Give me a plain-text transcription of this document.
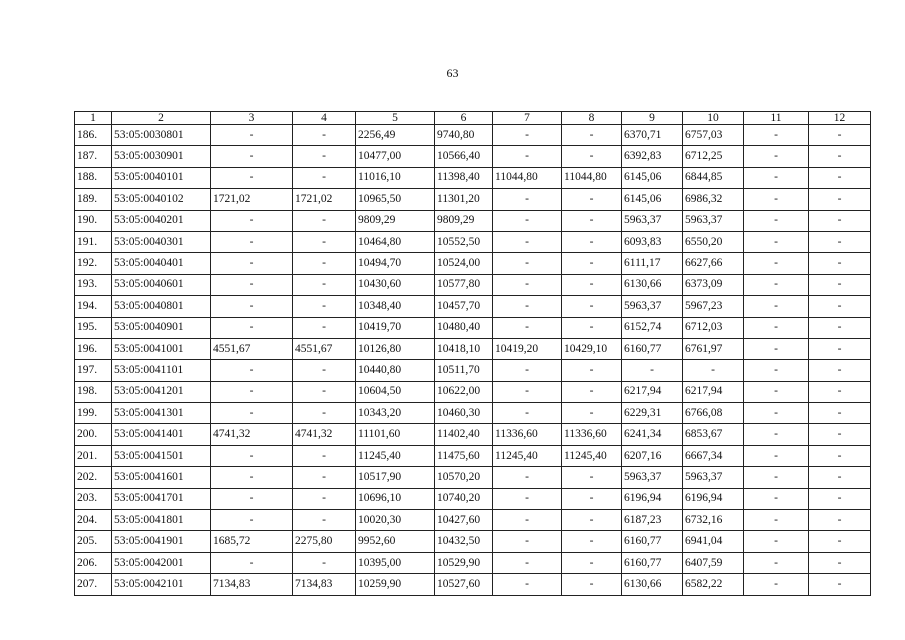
63
1	2	3	4	5	6	7	8	9	10	11	12
186.	53:05:0030801	-	-	2256,49	9740,80	-	-	6370,71	6757,03	-	-
187.	53:05:0030901	-	-	10477,00	10566,40	-	-	6392,83	6712,25	-	-
188.	53:05:0040101	-	-	11016,10	11398,40	11044,80	11044,80	6145,06	6844,85	-	-
189.	53:05:0040102	1721,02	1721,02	10965,50	11301,20	-	-	6145,06	6986,32	-	-
190.	53:05:0040201	-	-	9809,29	9809,29	-	-	5963,37	5963,37	-	-
191.	53:05:0040301	-	-	10464,80	10552,50	-	-	6093,83	6550,20	-	-
192.	53:05:0040401	-	-	10494,70	10524,00	-	-	6111,17	6627,66	-	-
193.	53:05:0040601	-	-	10430,60	10577,80	-	-	6130,66	6373,09	-	-
194.	53:05:0040801	-	-	10348,40	10457,70	-	-	5963,37	5967,23	-	-
195.	53:05:0040901	-	-	10419,70	10480,40	-	-	6152,74	6712,03	-	-
196.	53:05:0041001	4551,67	4551,67	10126,80	10418,10	10419,20	10429,10	6160,77	6761,97	-	-
197.	53:05:0041101	-	-	10440,80	10511,70	-	-	-	-	-	-
198.	53:05:0041201	-	-	10604,50	10622,00	-	-	6217,94	6217,94	-	-
199.	53:05:0041301	-	-	10343,20	10460,30	-	-	6229,31	6766,08	-	-
200.	53:05:0041401	4741,32	4741,32	11101,60	11402,40	11336,60	11336,60	6241,34	6853,67	-	-
201.	53:05:0041501	-	-	11245,40	11475,60	11245,40	11245,40	6207,16	6667,34	-	-
202.	53:05:0041601	-	-	10517,90	10570,20	-	-	5963,37	5963,37	-	-
203.	53:05:0041701	-	-	10696,10	10740,20	-	-	6196,94	6196,94	-	-
204.	53:05:0041801	-	-	10020,30	10427,60	-	-	6187,23	6732,16	-	-
205.	53:05:0041901	1685,72	2275,80	9952,60	10432,50	-	-	6160,77	6941,04	-	-
206.	53:05:0042001	-	-	10395,00	10529,90	-	-	6160,77	6407,59	-	-
207.	53:05:0042101	7134,83	7134,83	10259,90	10527,60	-	-	6130,66	6582,22	-	-
